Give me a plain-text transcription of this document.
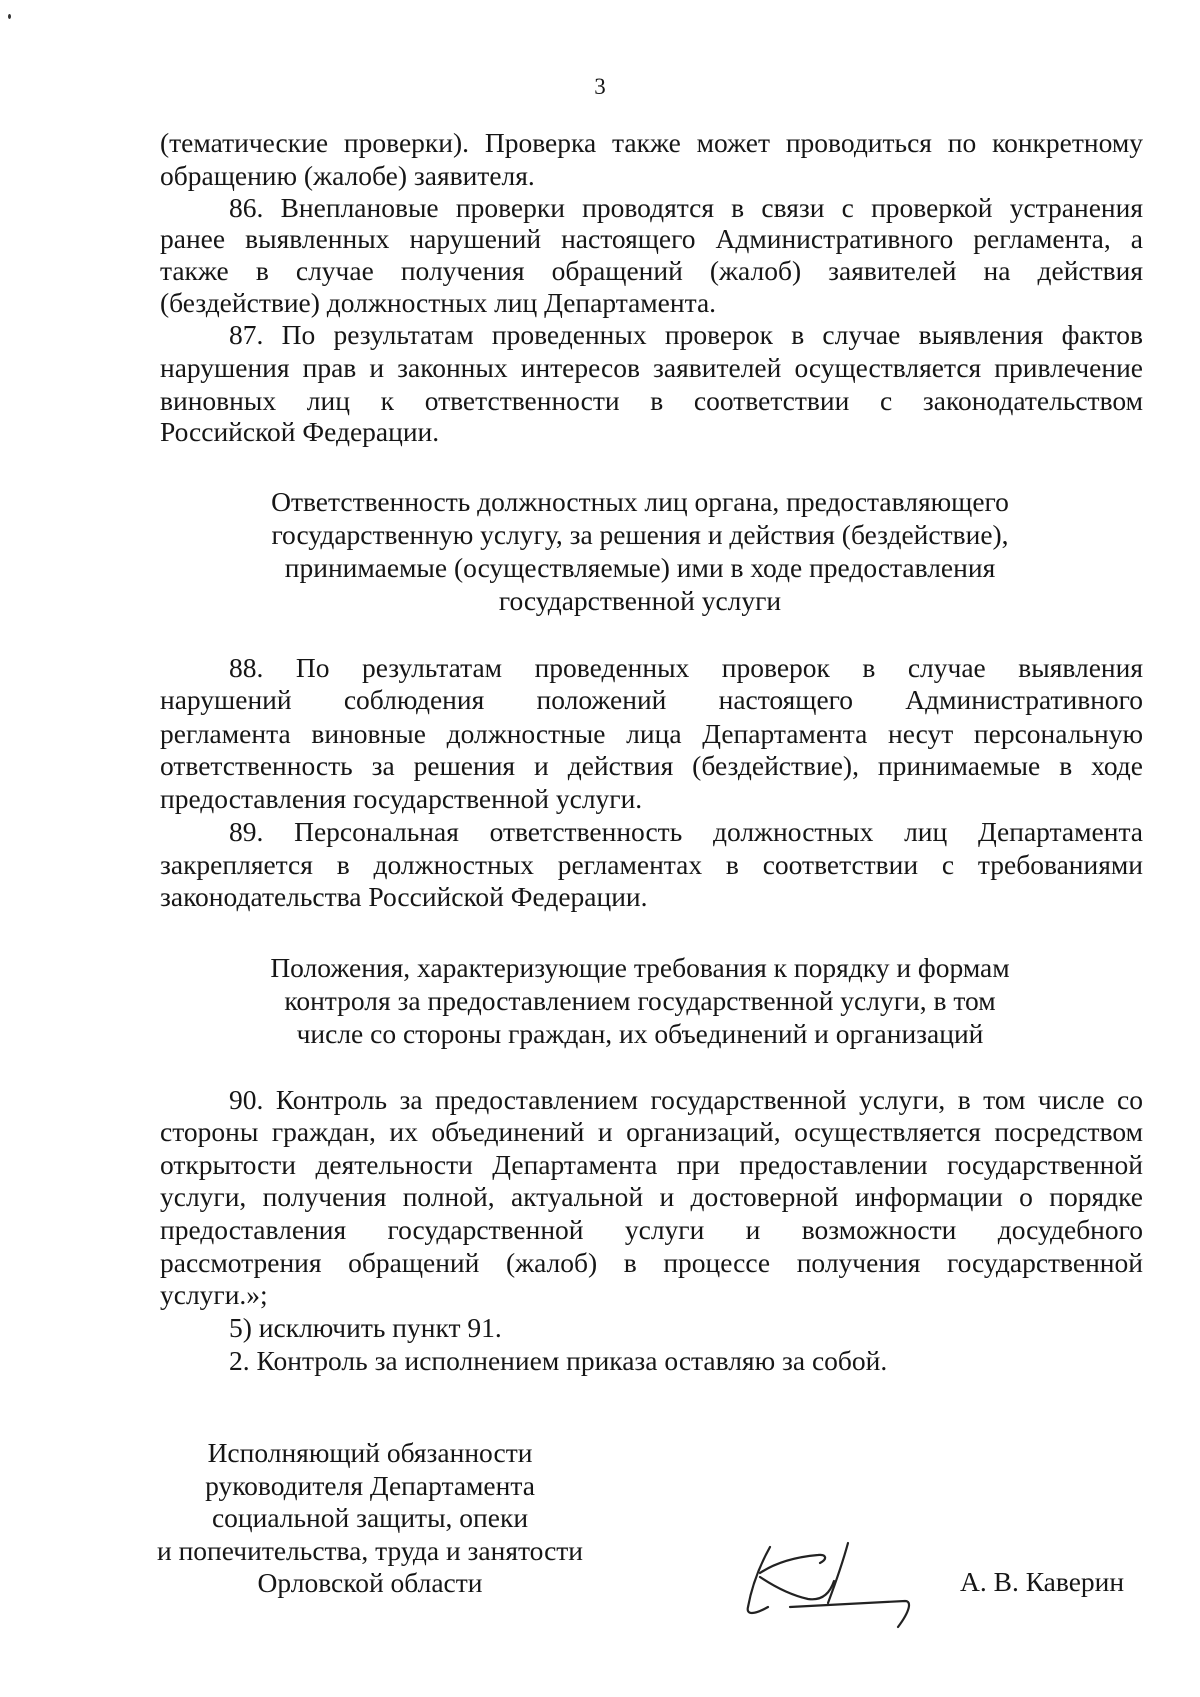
3
(тематические проверки). Проверка также может проводиться по конкретному
обращению (жалобе) заявителя.
86. Внеплановые проверки проводятся в связи с проверкой устранения
ранее выявленных нарушений настоящего Административного регламента, а
также в случае получения обращений (жалоб) заявителей на действия
(бездействие) должностных лиц Департамента.
87. По результатам проведенных проверок в случае выявления фактов
нарушения прав и законных интересов заявителей осуществляется привлечение
виновных лиц к ответственности в соответствии с законодательством
Российской Федерации.
Ответственность должностных лиц органа, предоставляющего
государственную услугу, за решения и действия (бездействие),
принимаемые (осуществляемые) ими в ходе предоставления
государственной услуги
88. По результатам проведенных проверок в случае выявления
нарушений соблюдения положений настоящего Административного
регламента виновные должностные лица Департамента несут персональную
ответственность за решения и действия (бездействие), принимаемые в ходе
предоставления государственной услуги.
89. Персональная ответственность должностных лиц Департамента
закрепляется в должностных регламентах в соответствии с требованиями
законодательства Российской Федерации.
Положения, характеризующие требования к порядку и формам
контроля за предоставлением государственной услуги, в том
числе со стороны граждан, их объединений и организаций
90. Контроль за предоставлением государственной услуги, в том числе со
стороны граждан, их объединений и организаций, осуществляется посредством
открытости деятельности Департамента при предоставлении государственной
услуги, получения полной, актуальной и достоверной информации о порядке
предоставления государственной услуги и возможности досудебного
рассмотрения обращений (жалоб) в процессе получения государственной
услуги.»;
5) исключить пункт 91.
2. Контроль за исполнением приказа оставляю за собой.
Исполняющий обязанности
руководителя Департамента
социальной защиты, опеки
и попечительства, труда и занятости
Орловской области	А. В. Каверин
